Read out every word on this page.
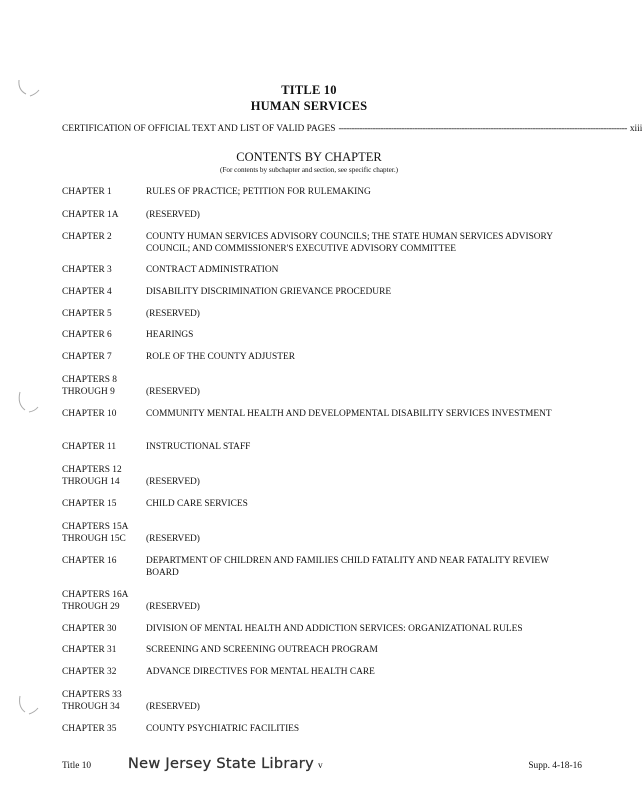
TITLE 10
HUMAN SERVICES
CERTIFICATION OF OFFICIAL TEXT AND LIST OF VALID PAGES -------------------------------------------------------------------------------------------------------------- xiii
CONTENTS BY CHAPTER
(For contents by subchapter and section, see specific chapter.)
CHAPTER 1	RULES OF PRACTICE; PETITION FOR RULEMAKING
CHAPTER 1A	(RESERVED)
CHAPTER 2	COUNTY HUMAN SERVICES ADVISORY COUNCILS; THE STATE HUMAN SERVICES ADVISORY COUNCIL; AND COMMISSIONER'S EXECUTIVE ADVISORY COMMITTEE
CHAPTER 3	CONTRACT ADMINISTRATION
CHAPTER 4	DISABILITY DISCRIMINATION GRIEVANCE PROCEDURE
CHAPTER 5	(RESERVED)
CHAPTER 6	HEARINGS
CHAPTER 7	ROLE OF THE COUNTY ADJUSTER
CHAPTERS 8
THROUGH 9	(RESERVED)
CHAPTER 10	COMMUNITY MENTAL HEALTH AND DEVELOPMENTAL DISABILITY SERVICES INVESTMENT
CHAPTER 11	INSTRUCTIONAL STAFF
CHAPTERS 12
THROUGH 14	(RESERVED)
CHAPTER 15	CHILD CARE SERVICES
CHAPTERS 15A
THROUGH 15C	(RESERVED)
CHAPTER 16	DEPARTMENT OF CHILDREN AND FAMILIES CHILD FATALITY AND NEAR FATALITY REVIEW BOARD
CHAPTERS 16A
THROUGH 29	(RESERVED)
CHAPTER 30	DIVISION OF MENTAL HEALTH AND ADDICTION SERVICES: ORGANIZATIONAL RULES
CHAPTER 31	SCREENING AND SCREENING OUTREACH PROGRAM
CHAPTER 32	ADVANCE DIRECTIVES FOR MENTAL HEALTH CARE
CHAPTERS 33
THROUGH 34	(RESERVED)
CHAPTER 35	COUNTY PSYCHIATRIC FACILITIES
Title 10	New Jersey State Library v	Supp. 4-18-16
